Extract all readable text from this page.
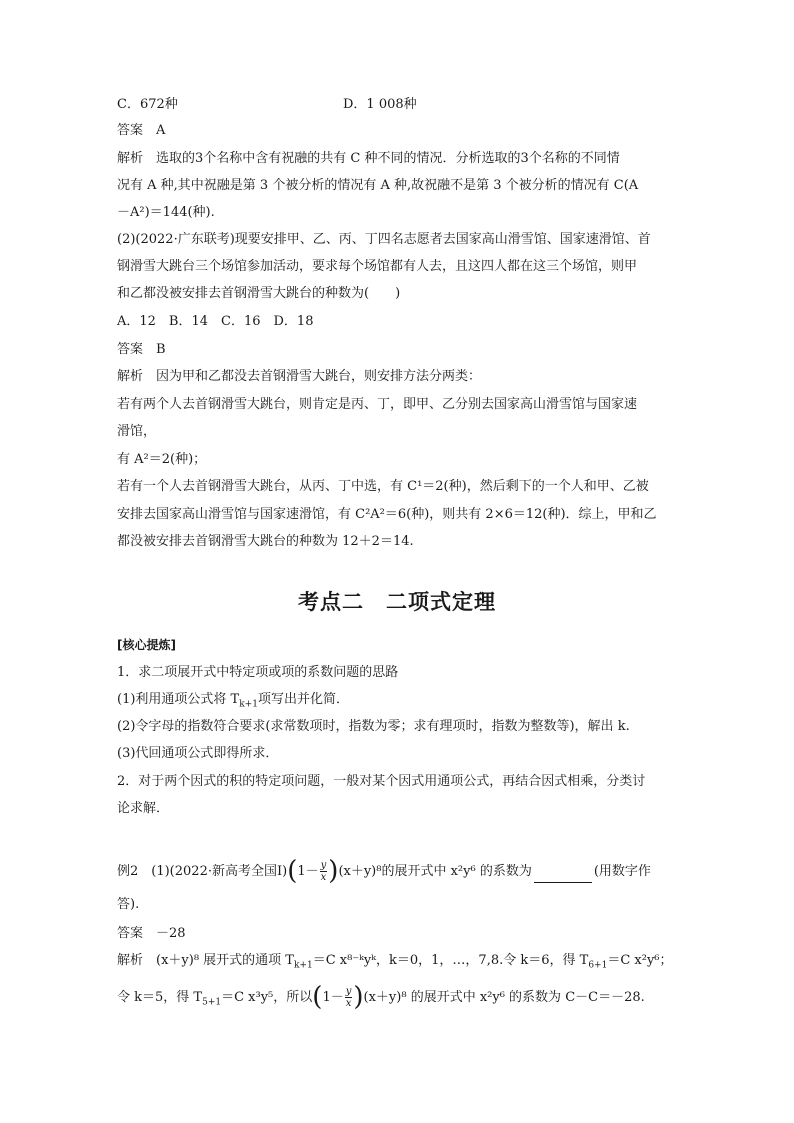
C．672种	D．1 008种
答案　A
解析　选取的3个名称中含有祝融的共有 C 种不同的情况．分析选取的3个名称的不同情
况有 A 种,其中祝融是第 3 个被分析的情况有 A 种,故祝融不是第 3 个被分析的情况有 C(A
－A²)＝144(种).
(2)(2022·广东联考)现要安排甲、乙、丙、丁四名志愿者去国家高山滑雪馆、国家速滑馆、首
钢滑雪大跳台三个场馆参加活动，要求每个场馆都有人去，且这四人都在这三个场馆，则甲
和乙都没被安排去首钢滑雪大跳台的种数为(　　)
A．12　B．14　C．16　D．18
答案　B
解析　因为甲和乙都没去首钢滑雪大跳台，则安排方法分两类：
若有两个人去首钢滑雪大跳台，则肯定是丙、丁，即甲、乙分别去国家高山滑雪馆与国家速
滑馆，
有 A²＝2(种)；
若有一个人去首钢滑雪大跳台，从丙、丁中选，有 C¹＝2(种)，然后剩下的一个人和甲、乙被
安排去国家高山滑雪馆与国家速滑馆，有 C²A²＝6(种)，则共有 2×6＝12(种)．综上，甲和乙
都没被安排去首钢滑雪大跳台的种数为 12＋2＝14.
考点二　二项式定理
[核心提炼]
1．求二项展开式中特定项或项的系数问题的思路
(1)利用通项公式将 $T_{k+1}$项写出并化简．
(2)令字母的指数符合要求(求常数项时，指数为零；求有理项时，指数为整数等)，解出 k.
(3)代回通项公式即得所求．
2．对于两个因式的积的特定项问题，一般对某个因式用通项公式，再结合因式相乘，分类讨
论求解．
例2　(1)(2022·新高考全国Ⅰ)(1－ $\frac{y}{x} )(x+y)^8$的展开式中 x²y⁶ 的系数为	(用数字作
答).
答案　－28
解析　(x＋y)⁸ 展开式的通项 $T_{k+1}=C$ x⁸⁻ᵏyᵏ，k＝0，1，…，7,8.令 k＝6，得 $T_{6+1}=C$ x²y⁶；
令 k＝5，得 $T_{5+1}=C$ x³y⁵，所以$(1- \frac{y}{x} )(x+y)^8$ 的展开式中 x²y⁶ 的系数为 C－C＝－28.
